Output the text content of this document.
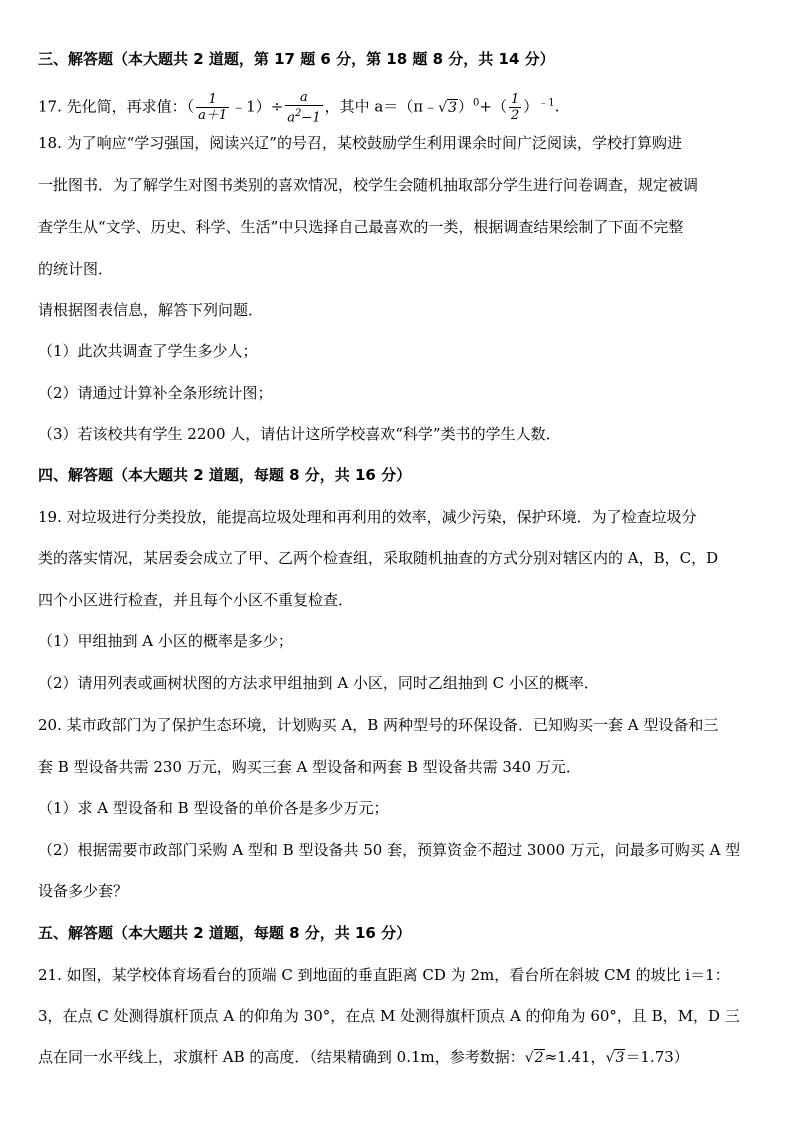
三、解答题（本大题共 2 道题，第 17 题 6 分，第 18 题 8 分，共 14 分）
17. 先化简，再求值：（ $\frac{1}{a+1}$ ﹣1）÷ $\frac{a}{a^2-1}$ ，其中 a＝（π﹣√3）$^0$+（ $\frac{1}{2} )^{﹣1}$.
18. 为了响应“学习强国，阅读兴辽”的号召，某校鼓励学生利用课余时间广泛阅读，学校打算购进
一批图书．为了解学生对图书类别的喜欢情况，校学生会随机抽取部分学生进行问卷调查，规定被调
查学生从“文学、历史、科学、生活”中只选择自己最喜欢的一类，根据调查结果绘制了下面不完整
的统计图．
请根据图表信息，解答下列问题．
（1）此次共调查了学生多少人；
（2）请通过计算补全条形统计图；
（3）若该校共有学生 2200 人，请估计这所学校喜欢“科学”类书的学生人数．
四、解答题（本大题共 2 道题，每题 8 分，共 16 分）
19. 对垃圾进行分类投放，能提高垃圾处理和再利用的效率，减少污染，保护环境．为了检查垃圾分
类的落实情况，某居委会成立了甲、乙两个检查组，采取随机抽查的方式分别对辖区内的 A，B，C，D
四个小区进行检查，并且每个小区不重复检查．
（1）甲组抽到 A 小区的概率是多少；
（2）请用列表或画树状图的方法求甲组抽到 A 小区，同时乙组抽到 C 小区的概率．
20. 某市政部门为了保护生态环境，计划购买 A，B 两种型号的环保设备．已知购买一套 A 型设备和三
套 B 型设备共需 230 万元，购买三套 A 型设备和两套 B 型设备共需 340 万元．
（1）求 A 型设备和 B 型设备的单价各是多少万元；
（2）根据需要市政部门采购 A 型和 B 型设备共 50 套，预算资金不超过 3000 万元，问最多可购买 A 型
设备多少套？
五、解答题（本大题共 2 道题，每题 8 分，共 16 分）
21. 如图，某学校体育场看台的顶端 C 到地面的垂直距离 CD 为 2m，看台所在斜坡 CM 的坡比 i＝1：
3，在点 C 处测得旗杆顶点 A 的仰角为 30°，在点 M 处测得旗杆顶点 A 的仰角为 60°，且 B，M，D 三
点在同一水平线上，求旗杆 AB 的高度．（结果精确到 0.1m，参考数据：√2≈1.41，√3＝1.73）
